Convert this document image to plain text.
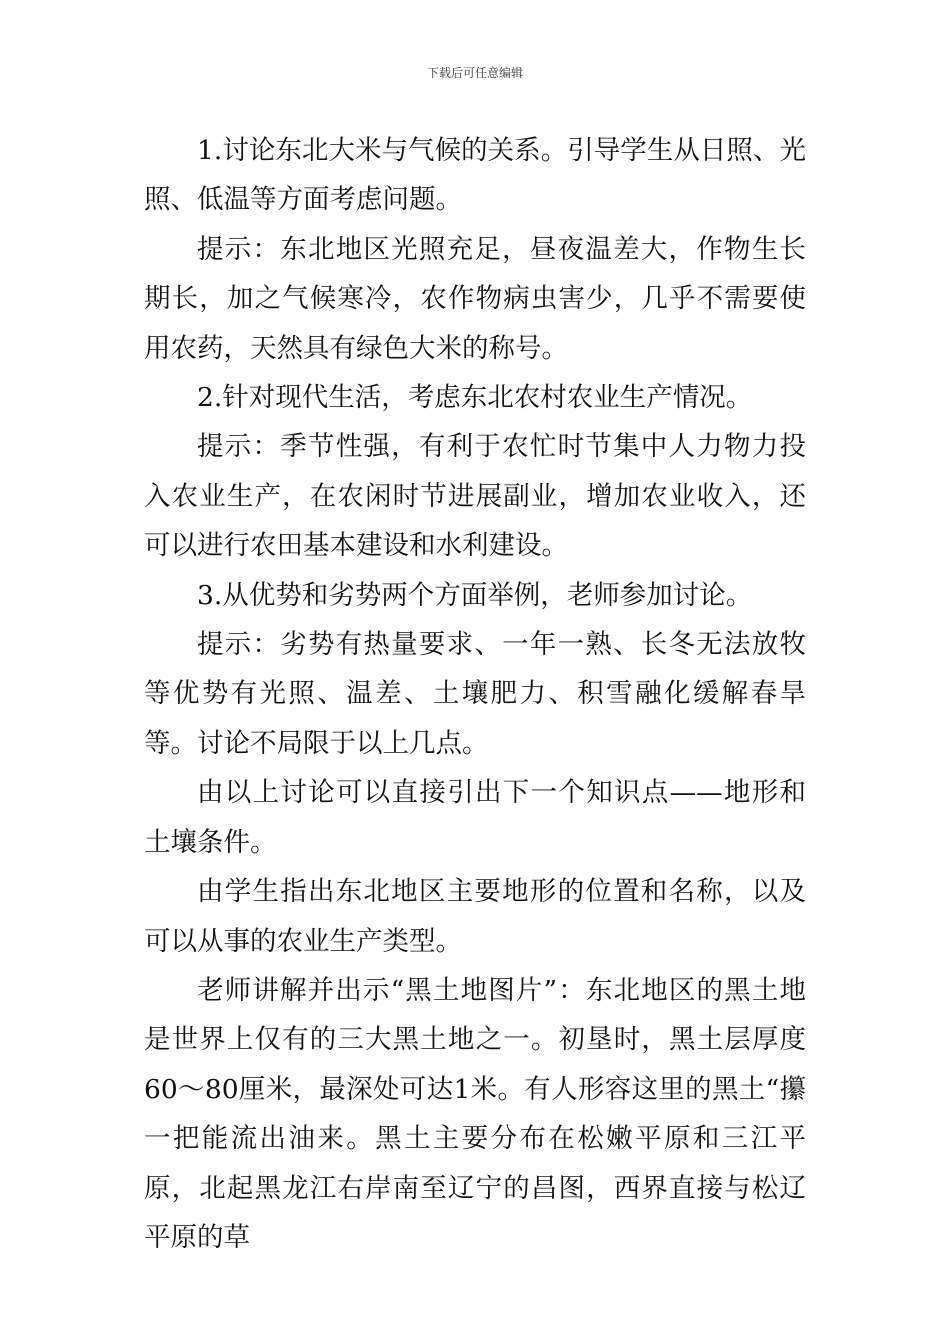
下载后可任意编辑

1.讨论东北大米与气候的关系。引导学生从日照、光照、低温等方面考虑问题。

提示：东北地区光照充足，昼夜温差大，作物生长期长，加之气候寒冷，农作物病虫害少，几乎不需要使用农药，天然具有绿色大米的称号。

2.针对现代生活，考虑东北农村农业生产情况。

提示：季节性强，有利于农忙时节集中人力物力投入农业生产，在农闲时节进展副业，增加农业收入，还可以进行农田基本建设和水利建设。

3.从优势和劣势两个方面举例，老师参加讨论。

提示：劣势有热量要求、一年一熟、长冬无法放牧等优势有光照、温差、土壤肥力、积雪融化缓解春旱等。讨论不局限于以上几点。

由以上讨论可以直接引出下一个知识点——地形和土壤条件。

由学生指出东北地区主要地形的位置和名称，以及可以从事的农业生产类型。

老师讲解并出示“黑土地图片”：东北地区的黑土地是世界上仅有的三大黑土地之一。初垦时，黑土层厚度60～80厘米，最深处可达1米。有人形容这里的黑土“攥一把能流出油来。黑土主要分布在松嫩平原和三江平原，北起黑龙江右岸南至辽宁的昌图，西界直接与松辽平原的草
